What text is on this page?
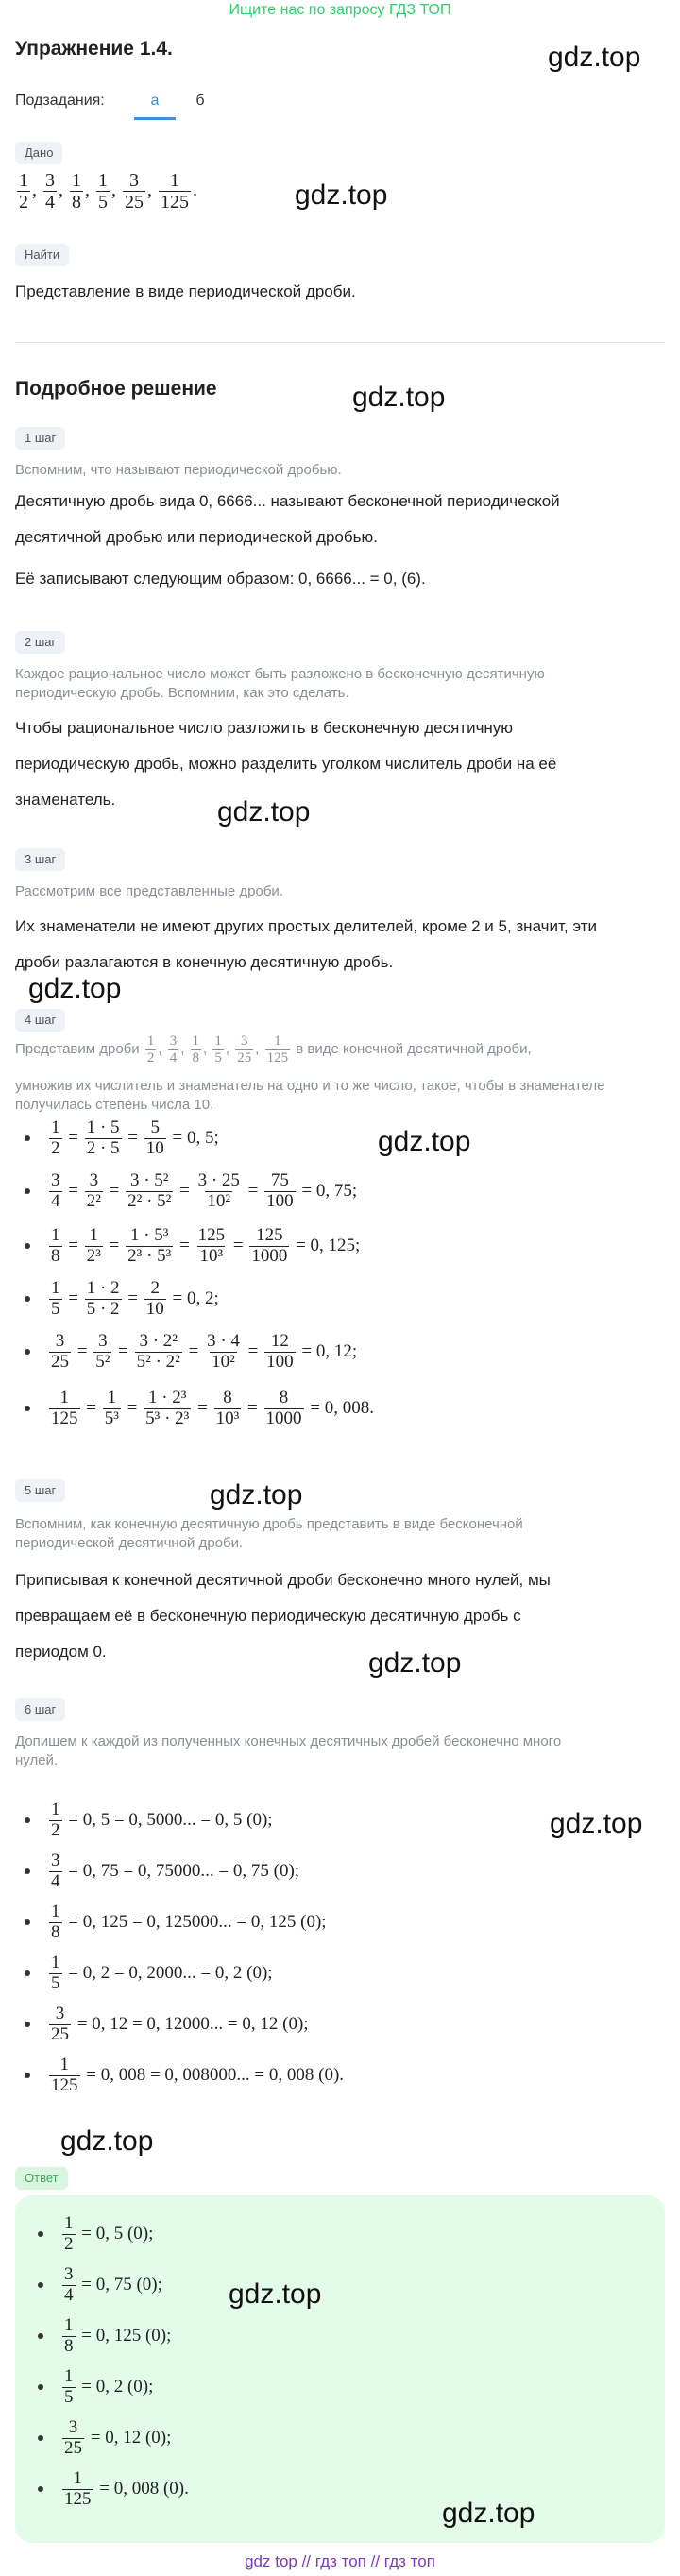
Ищите нас по запросу ГДЗ ТОП
Упражнение 1.4.	gdz.top
Подзадания:	а	б
Дано
$\frac{1}{2}$ , $\frac{3}{4}$ , $\frac{1}{8}$ , $\frac{1}{5}$ , $\frac{3}{25}$ , $\frac{1}{125}$ .	gdz.top
Найти
Представление в виде периодической дроби.
Подробное решение	gdz.top
1 шаг
Вспомним, что называют периодической дробью.
Десятичную дробь вида 0, 6666... называют бесконечной периодической
десятичной дробью или периодической дробью.
Её записывают следующим образом: 0, 6666... = 0, (6).
2 шаг
Каждое рациональное число может быть разложено в бесконечную десятичную
периодическую дробь. Вспомним, как это сделать.
Чтобы рациональное число разложить в бесконечную десятичную
периодическую дробь, можно разделить уголком числитель дроби на её
знаменатель.	gdz.top
3 шаг
Рассмотрим все представленные дроби.
Их знаменатели не имеют других простых делителей, кроме 2 и 5, значит, эти
дроби разлагаются в конечную десятичную дробь.
gdz.top
4 шаг
Представим дроби
$\frac{1}{2}$ , $\frac{3}{4}$ , $\frac{1}{8}$ , $\frac{1}{5}$ , $\frac{3}{25}$ , $\frac{1}{125}$
в виде конечной десятичной дроби,
умножив их числитель и знаменатель на одно и то же число, такое, чтобы в знаменателе
получилась степень числа 10.
$\frac{1}{2}$
=
$\frac{1 \cdot 5}{2 \cdot 5}$
=
$\frac{5}{10}$
= 0, 5;
$\frac{3}{4}$
=
$\frac{3}{\text{2²}}$
=
$\frac{\text{3 · 5²}}{\text{2² · 5²}}$
=
$\frac{3 \cdot 25}{\text{10²}}$
=
$\frac{75}{100}$
= 0, 75;
$\frac{1}{8}$
=
$\frac{1}{\text{2³}}$
=
$\frac{\text{1 · 5³}}{\text{2³ · 5³}}$
=
$\frac{125}{\text{10³}}$
=
$\frac{125}{1000}$
= 0, 125;
$\frac{1}{5}$
=
$\frac{1 \cdot 2}{5 \cdot 2}$
=
$\frac{2}{10}$
= 0, 2;
$\frac{3}{25}$
=
$\frac{3}{\text{5²}}$
=
$\frac{\text{3 · 2²}}{\text{5² · 2²}}$
=
$\frac{3 \cdot 4}{\text{10²}}$
=
$\frac{12}{100}$
= 0, 12;
$\frac{1}{125}$
=
$\frac{1}{\text{5³}}$
=
$\frac{\text{1 · 2³}}{\text{5³ · 2³}}$
=
$\frac{8}{\text{10³}}$
=
$\frac{8}{1000}$
= 0, 008.
gdz.top
gdz.top
5 шаг
Вспомним, как конечную десятичную дробь представить в виде бесконечной
периодической десятичной дроби.
Приписывая к конечной десятичной дроби бесконечно много нулей, мы
превращаем её в бесконечную периодическую десятичную дробь с
периодом 0.	gdz.top
6 шаг
Допишем к каждой из полученных конечных десятичных дробей бесконечно много
нулей.
$\frac{1}{2}$
= 0, 5 = 0, 5000... = 0, 5 (0);
$\frac{3}{4}$
= 0, 75 = 0, 75000... = 0, 75 (0);
$\frac{1}{8}$
= 0, 125 = 0, 125000... = 0, 125 (0);
$\frac{1}{5}$
= 0, 2 = 0, 2000... = 0, 2 (0);
$\frac{3}{25}$
= 0, 12 = 0, 12000... = 0, 12 (0);
$\frac{1}{125}$
= 0, 008 = 0, 008000... = 0, 008 (0).
gdz.top
gdz.top
Ответ
$\frac{1}{2}$
= 0, 5 (0);
$\frac{3}{4}$
= 0, 75 (0);
$\frac{1}{8}$
= 0, 125 (0);
$\frac{1}{5}$
= 0, 2 (0);
$\frac{3}{25}$
= 0, 12 (0);
$\frac{1}{125}$
= 0, 008 (0).
gdz.top
gdz.top
gdz top // гдз топ // гдз топ
